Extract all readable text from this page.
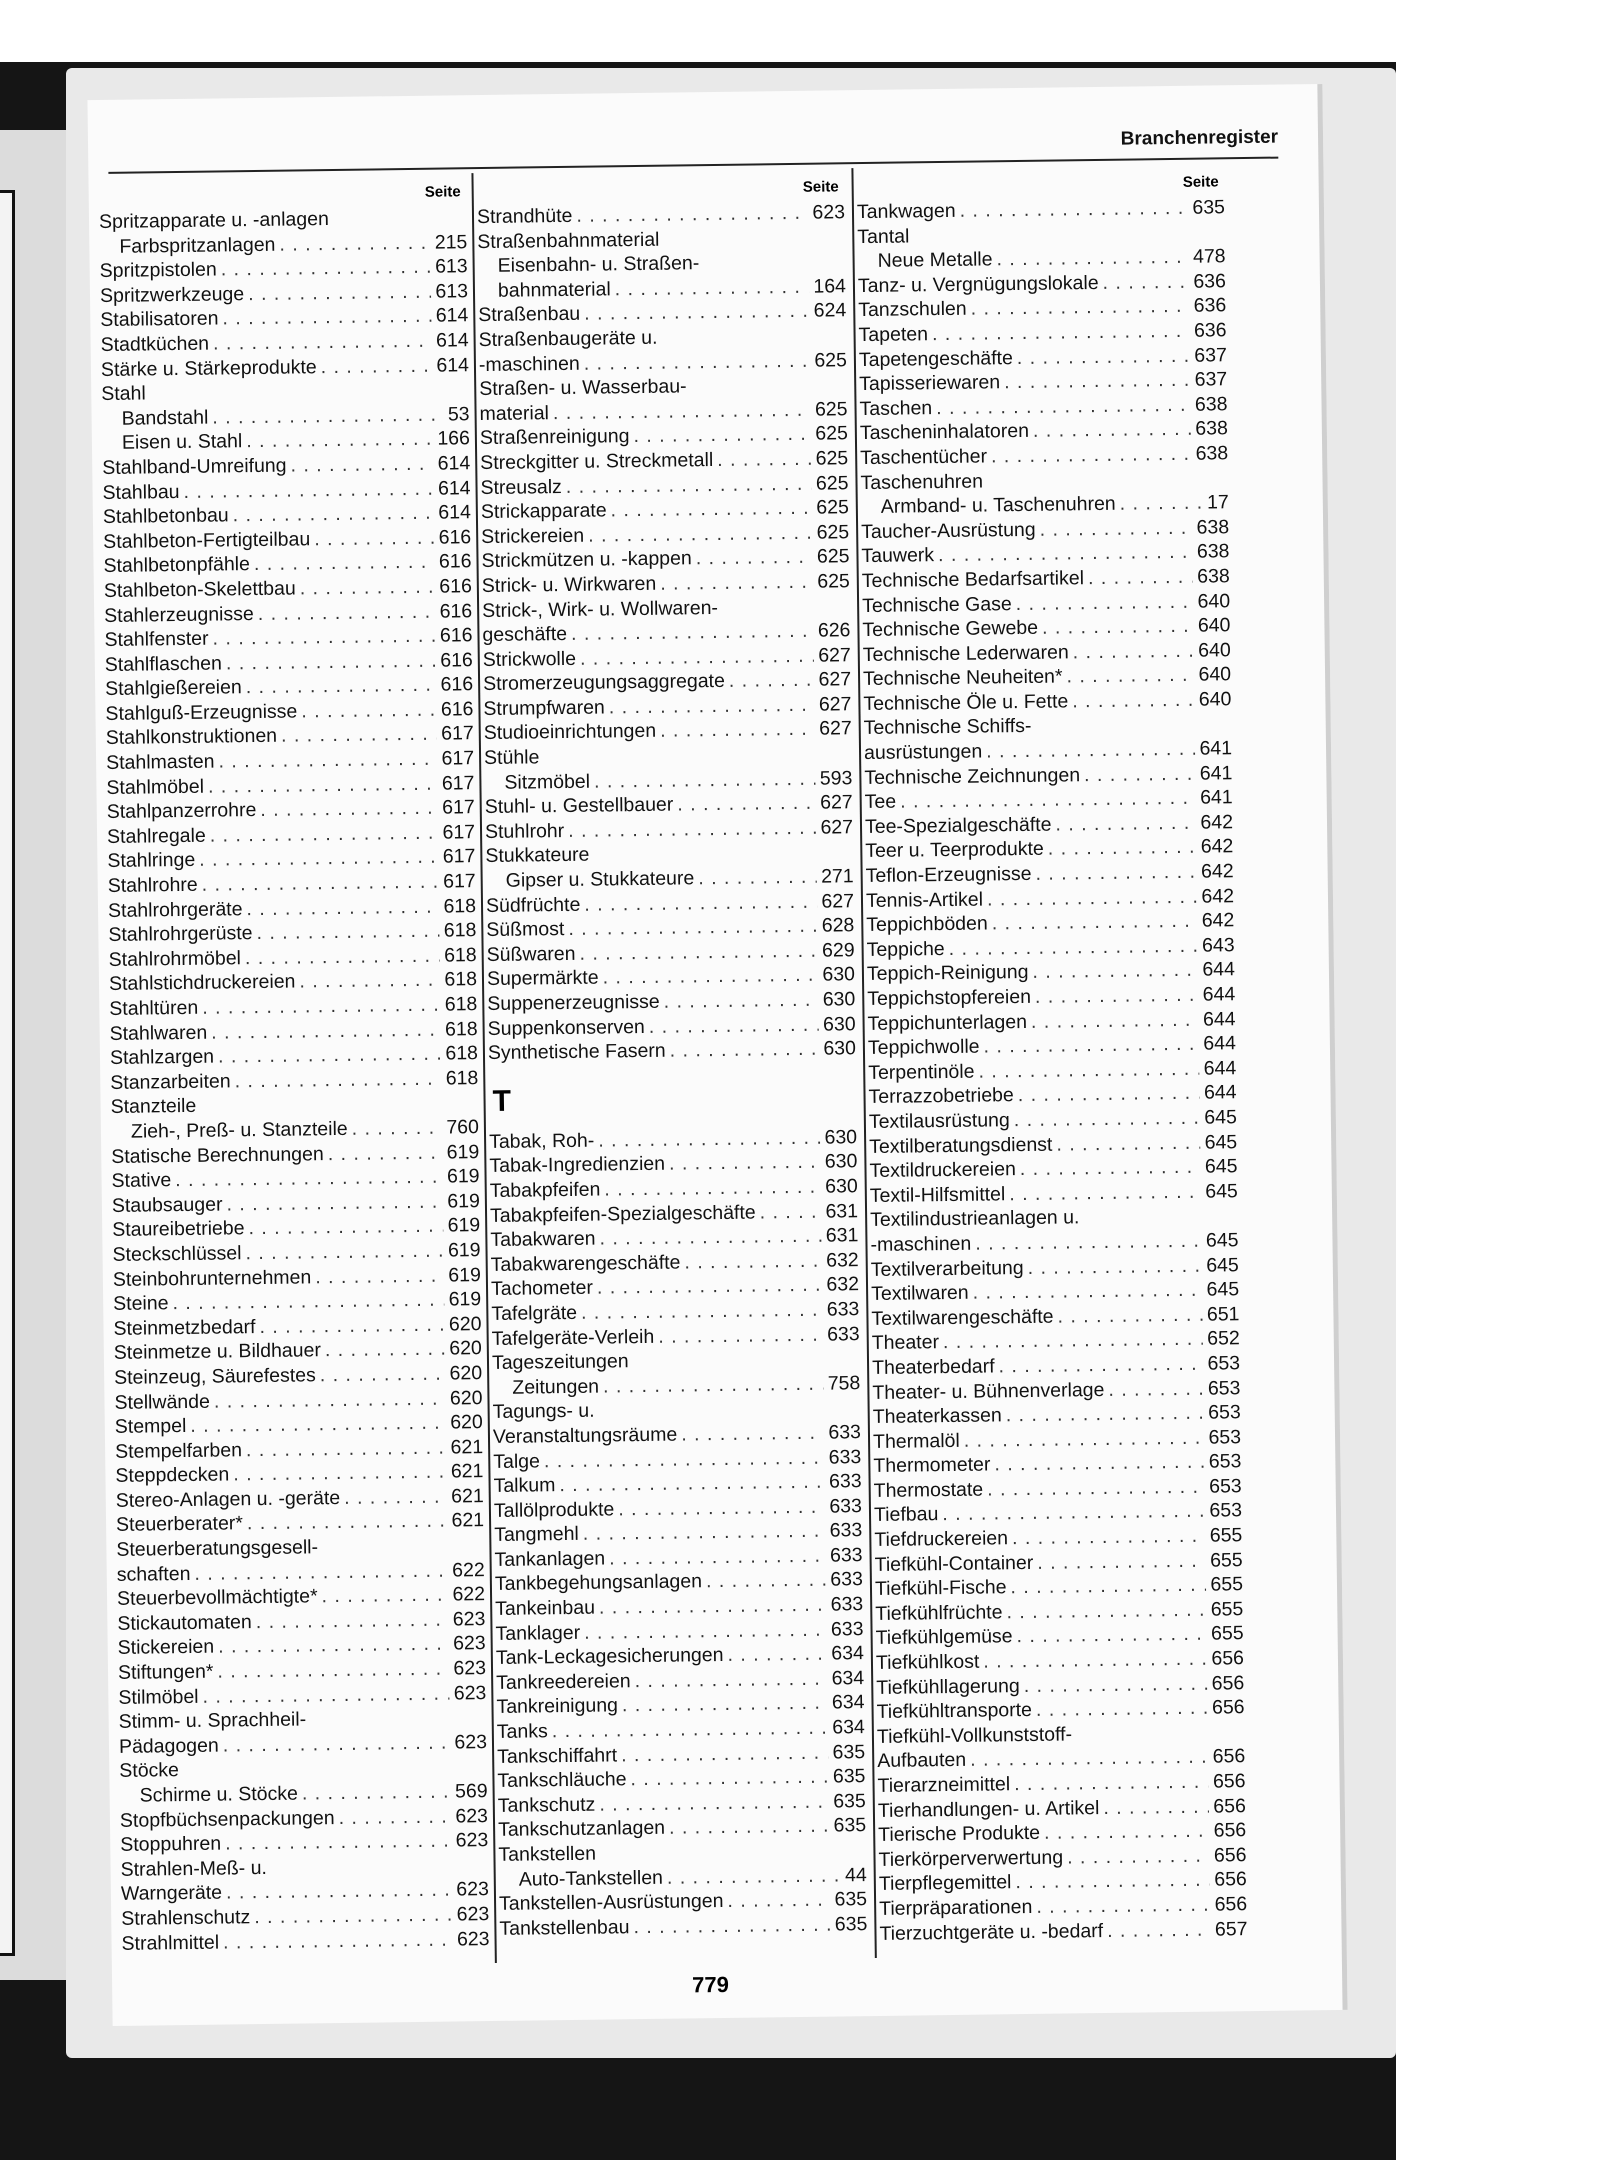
Branchenregister
Seite
Spritzapparate u. -anlagen
Farbspritzanlagen . . .	215
Spritzpistolen . . .	613
Spritzwerkzeuge . . .	613
Stabilisatoren . . .	614
Stadtküchen . . .	614
Stärke u. Stärkeprodukte . . .	614
Stahl
Bandstahl . . .	53
Eisen u. Stahl . . .	166
Stahlband-Umreifung . . .	614
Stahlbau . . .	614
Stahlbetonbau . . .	614
Stahlbeton-Fertigteilbau . . .	616
Stahlbetonpfähle . . .	616
Stahlbeton-Skelettbau . . .	616
Stahlerzeugnisse . . .	616
Stahlfenster . . .	616
Stahlflaschen . . .	616
Stahlgießereien . . .	616
Stahlguß-Erzeugnisse . . .	616
Stahlkonstruktionen . . .	617
Stahlmasten . . .	617
Stahlmöbel . . .	617
Stahlpanzerrohre . . .	617
Stahlregale . . .	617
Stahlringe . . .	617
Stahlrohre . . .	617
Stahlrohrgeräte . . .	618
Stahlrohrgerüste . . .	618
Stahlrohrmöbel . . .	618
Stahlstichdruckereien . . .	618
Stahltüren . . .	618
Stahlwaren . . .	618
Stahlzargen . . .	618
Stanzarbeiten . . .	618
Stanzteile
Zieh-, Preß- u. Stanzteile . . .	760
Statische Berechnungen . . .	619
Stative . . .	619
Staubsauger . . .	619
Staureibetriebe . . .	619
Steckschlüssel . . .	619
Steinbohrunternehmen . . .	619
Steine . . .	619
Steinmetzbedarf . . .	620
Steinmetze u. Bildhauer . . .	620
Steinzeug, Säurefestes . . .	620
Stellwände . . .	620
Stempel . . .	620
Stempelfarben . . .	621
Steppdecken . . .	621
Stereo-Anlagen u. -geräte . . .	621
Steuerberater* . . .	621
Steuerberatungsgesell-
schaften . . .	622
Steuerbevollmächtigte* . . .	622
Stickautomaten . . .	623
Stickereien . . .	623
Stiftungen* . . .	623
Stilmöbel . . .	623
Stimm- u. Sprachheil-
Pädagogen . . .	623
Stöcke
Schirme u. Stöcke . . .	569
Stopfbüchsenpackungen . . .	623
Stoppuhren . . .	623
Strahlen-Meß- u.
Warngeräte . . .	623
Strahlenschutz . . .	623
Strahlmittel . . .	623
Seite
Strandhüte . . .	623
Straßenbahnmaterial
Eisenbahn- u. Straßen-
bahnmaterial . . .	164
Straßenbau . . .	624
Straßenbaugeräte u.
-maschinen . . .	625
Straßen- u. Wasserbau-
material . . .	625
Straßenreinigung . . .	625
Streckgitter u. Streckmetall . . .	625
Streusalz . . .	625
Strickapparate . . .	625
Strickereien . . .	625
Strickmützen u. -kappen . . .	625
Strick- u. Wirkwaren . . .	625
Strick-, Wirk- u. Wollwaren-
geschäfte . . .	626
Strickwolle . . .	627
Stromerzeugungsaggregate . . .	627
Strumpfwaren . . .	627
Studioeinrichtungen . . .	627
Stühle
Sitzmöbel . . .	593
Stuhl- u. Gestellbauer . . .	627
Stuhlrohr . . .	627
Stukkateure
Gipser u. Stukkateure . . .	271
Südfrüchte . . .	627
Süßmost . . .	628
Süßwaren . . .	629
Supermärkte . . .	630
Suppenerzeugnisse . . .	630
Suppenkonserven . . .	630
Synthetische Fasern . . .	630
T
Tabak, Roh- . . .	630
Tabak-Ingredienzien . . .	630
Tabakpfeifen . . .	630
Tabakpfeifen-Spezialgeschäfte . . .	631
Tabakwaren . . .	631
Tabakwarengeschäfte . . .	632
Tachometer . . .	632
Tafelgräte . . .	633
Tafelgeräte-Verleih . . .	633
Tageszeitungen
Zeitungen . . .	758
Tagungs- u.
Veranstaltungsräume . . .	633
Talge . . .	633
Talkum . . .	633
Tallölprodukte . . .	633
Tangmehl . . .	633
Tankanlagen . . .	633
Tankbegehungsanlagen . . .	633
Tankeinbau . . .	633
Tanklager . . .	633
Tank-Leckagesicherungen . . .	634
Tankreedereien . . .	634
Tankreinigung . . .	634
Tanks . . .	634
Tankschiffahrt . . .	635
Tankschläuche . . .	635
Tankschutz . . .	635
Tankschutzanlagen . . .	635
Tankstellen
Auto-Tankstellen . . .	44
Tankstellen-Ausrüstungen . . .	635
Tankstellenbau . . .	635
Seite
Tankwagen . . .	635
Tantal
Neue Metalle . . .	478
Tanz- u. Vergnügungslokale . . .	636
Tanzschulen . . .	636
Tapeten . . .	636
Tapetengeschäfte . . .	637
Tapisseriewaren . . .	637
Taschen . . .	638
Tascheninhalatoren . . .	638
Taschentücher . . .	638
Taschenuhren
Armband- u. Taschenuhren . . .	17
Taucher-Ausrüstung . . .	638
Tauwerk . . .	638
Technische Bedarfsartikel . . .	638
Technische Gase . . .	640
Technische Gewebe . . .	640
Technische Lederwaren . . .	640
Technische Neuheiten* . . .	640
Technische Öle u. Fette . . .	640
Technische Schiffs-
ausrüstungen . . .	641
Technische Zeichnungen . . .	641
Tee . . .	641
Tee-Spezialgeschäfte . . .	642
Teer u. Teerprodukte . . .	642
Teflon-Erzeugnisse . . .	642
Tennis-Artikel . . .	642
Teppichböden . . .	642
Teppiche . . .	643
Teppich-Reinigung . . .	644
Teppichstopfereien . . .	644
Teppichunterlagen . . .	644
Teppichwolle . . .	644
Terpentinöle . . .	644
Terrazzobetriebe . . .	644
Textilausrüstung . . .	645
Textilberatungsdienst . . .	645
Textildruckereien . . .	645
Textil-Hilfsmittel . . .	645
Textilindustrieanlagen u.
-maschinen . . .	645
Textilverarbeitung . . .	645
Textilwaren . . .	645
Textilwarengeschäfte . . .	651
Theater . . .	652
Theaterbedarf . . .	653
Theater- u. Bühnenverlage . . .	653
Theaterkassen . . .	653
Thermalöl . . .	653
Thermometer . . .	653
Thermostate . . .	653
Tiefbau . . .	653
Tiefdruckereien . . .	655
Tiefkühl-Container . . .	655
Tiefkühl-Fische . . .	655
Tiefkühlfrüchte . . .	655
Tiefkühlgemüse . . .	655
Tiefkühlkost . . .	656
Tiefkühllagerung . . .	656
Tiefkühltransporte . . .	656
Tiefkühl-Vollkunststoff-
Aufbauten . . .	656
Tierarzneimittel . . .	656
Tierhandlungen- u. Artikel . . .	656
Tierische Produkte . . .	656
Tierkörperverwertung . . .	656
Tierpflegemittel . . .	656
Tierpräparationen . . .	656
Tierzuchtgeräte u. -bedarf . . .	657
779
